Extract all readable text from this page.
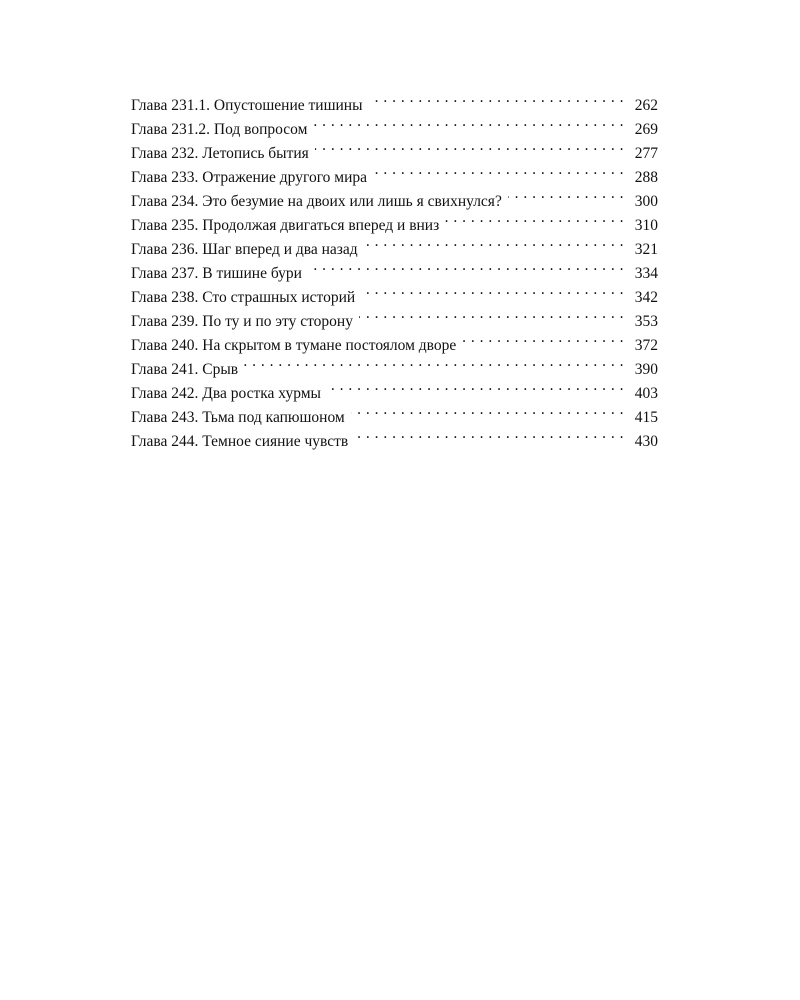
Глава 231.1. Опустошение тишины . . .	262
Глава 231.2. Под вопросом . . .	269
Глава 232. Летопись бытия . . .	277
Глава 233. Отражение другого мира . . .	288
Глава 234. Это безумие на двоих или лишь я свихнулся? . . .	300
Глава 235. Продолжая двигаться вперед и вниз . . .	310
Глава 236. Шаг вперед и два назад . . .	321
Глава 237. В тишине бури . . .	334
Глава 238. Сто страшных историй . . .	342
Глава 239. По ту и по эту сторону . . .	353
Глава 240. На скрытом в тумане постоялом дворе . . .	372
Глава 241. Срыв . . .	390
Глава 242. Два ростка хурмы . . .	403
Глава 243. Тьма под капюшоном . . .	415
Глава 244. Темное сияние чувств . . .	430
